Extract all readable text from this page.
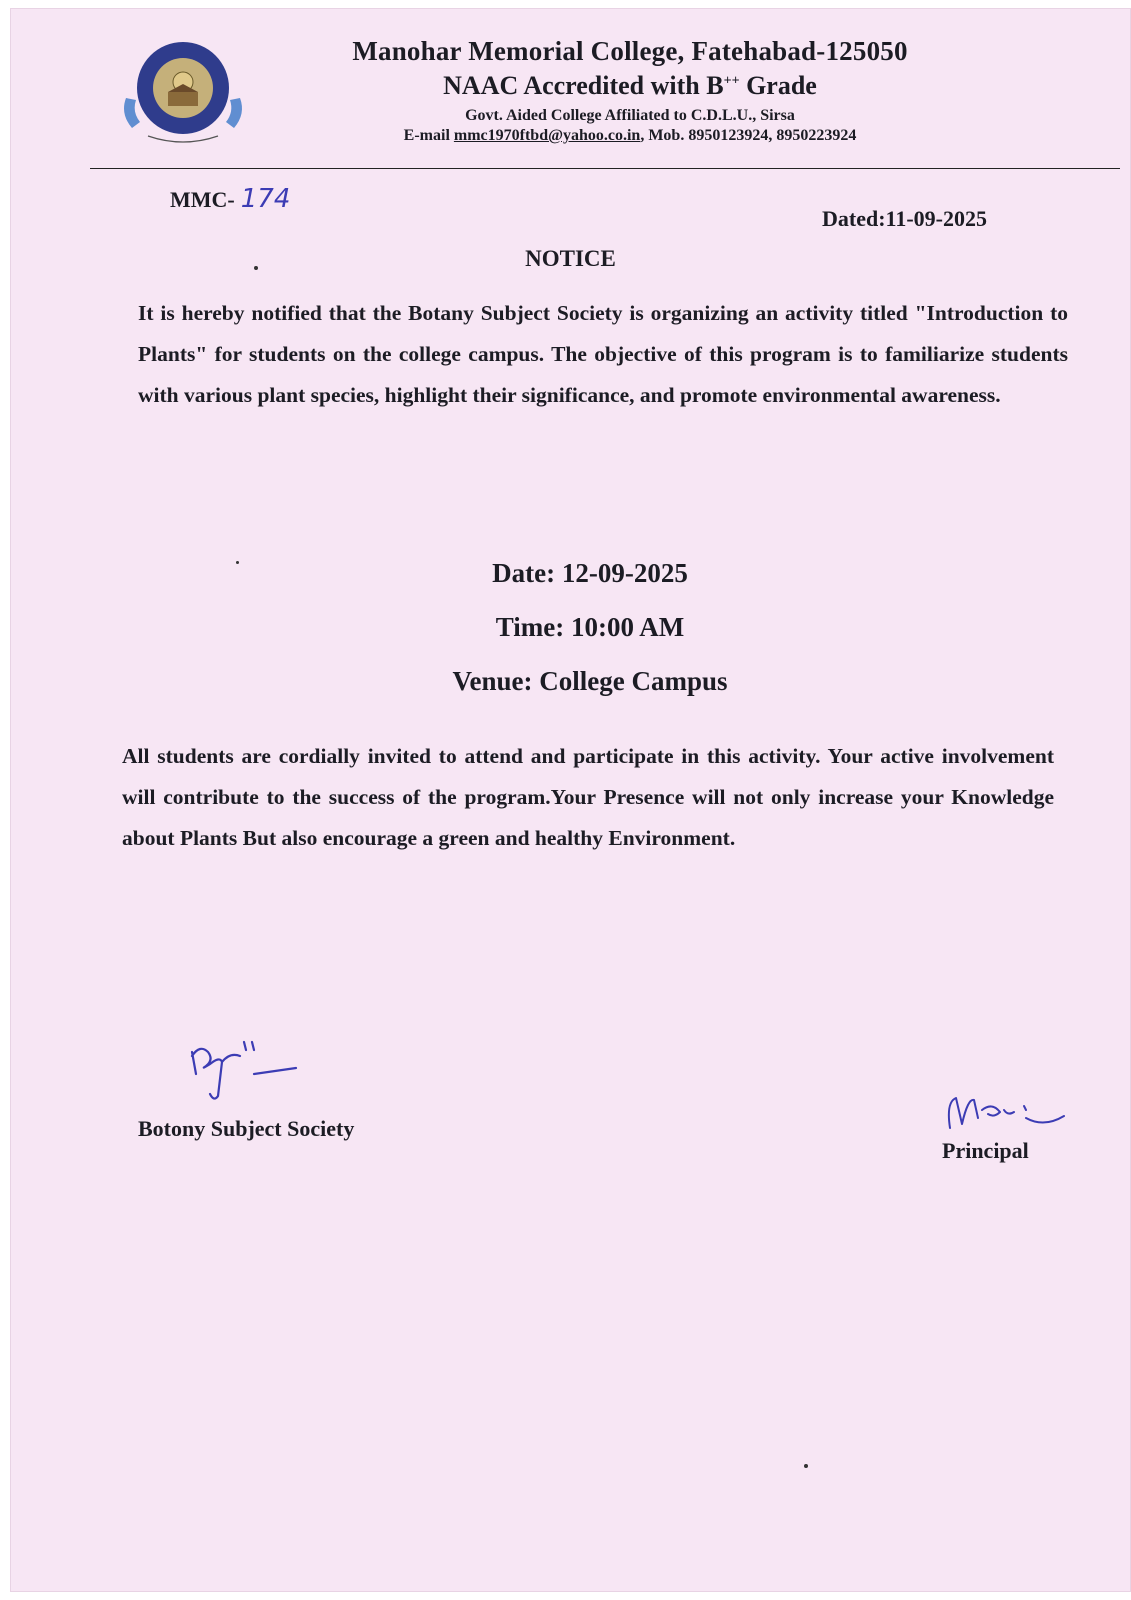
Manohar Memorial College, Fatehabad-125050

NAAC Accredited with B++ Grade

Govt. Aided College Affiliated to C.D.L.U., Sirsa

E-mail mmc1970ftbd@yahoo.co.in, Mob. 8950123924, 8950223924

MMC- 174
Dated:11-09-2025
NOTICE

It is hereby notified that the Botany Subject Society is organizing an activity titled "Introduction to Plants" for students on the college campus. The objective of this program is to familiarize students with various plant species, highlight their significance, and promote environmental awareness.

Date: 12-09-2025
Time: 10:00 AM
Venue: College Campus

All students are cordially invited to attend and participate in this activity. Your active involvement will contribute to the success of the program.Your Presence will not only increase your Knowledge about Plants But also encourage a green and healthy Environment.

Botony Subject Society
Principal
